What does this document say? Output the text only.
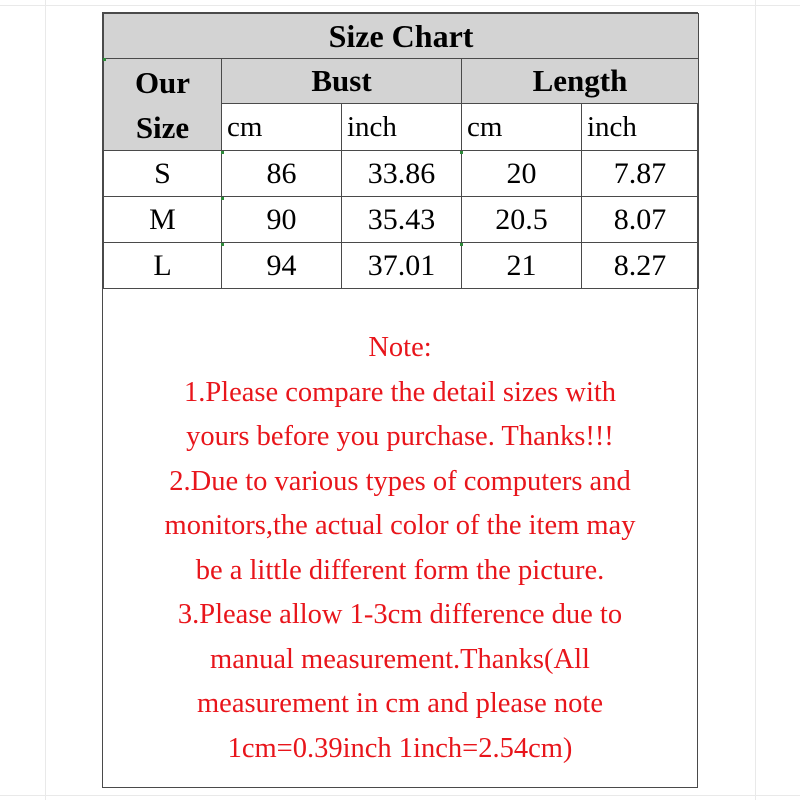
Size Chart				

Our
Size	Bust		Length	
	cm	inch	cm	inch
S	86	33.86	20	7.87
M	90	35.43	20.5	8.07
L	94	37.01	21	8.27
Note:
1.Please compare the detail sizes with
yours before you purchase. Thanks!!!
2.Due to various types of computers and
monitors,the actual color of the item may
be a little different form the picture.
3.Please allow 1-3cm difference due to
manual measurement.Thanks(All
measurement in cm and please note
1cm=0.39inch 1inch=2.54cm)
